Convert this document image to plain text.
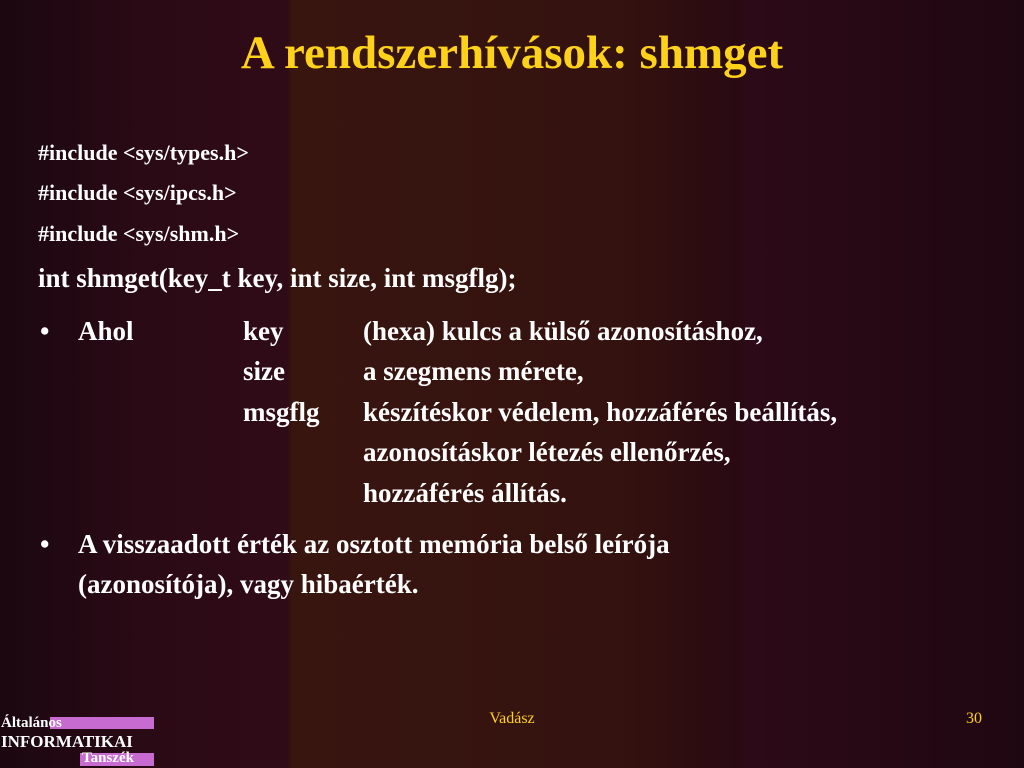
A rendszerhívások: shmget
#include <sys/types.h>
#include <sys/ipcs.h>
#include <sys/shm.h>
int shmget(key_t key, int size, int msgflg);
• Ahol	key	(hexa) kulcs a külső azonosításhoz,
size	a szegmens mérete,
msgflg készítéskor védelem, hozzáférés beállítás,
azonosításkor létezés ellenőrzés,
hozzáférés állítás.
• A visszaadott érték az osztott memória belső leírója
(azonosítója), vagy hibaérték.
Vadász	30
Általános
INFORMATIKAI
Tanszék
